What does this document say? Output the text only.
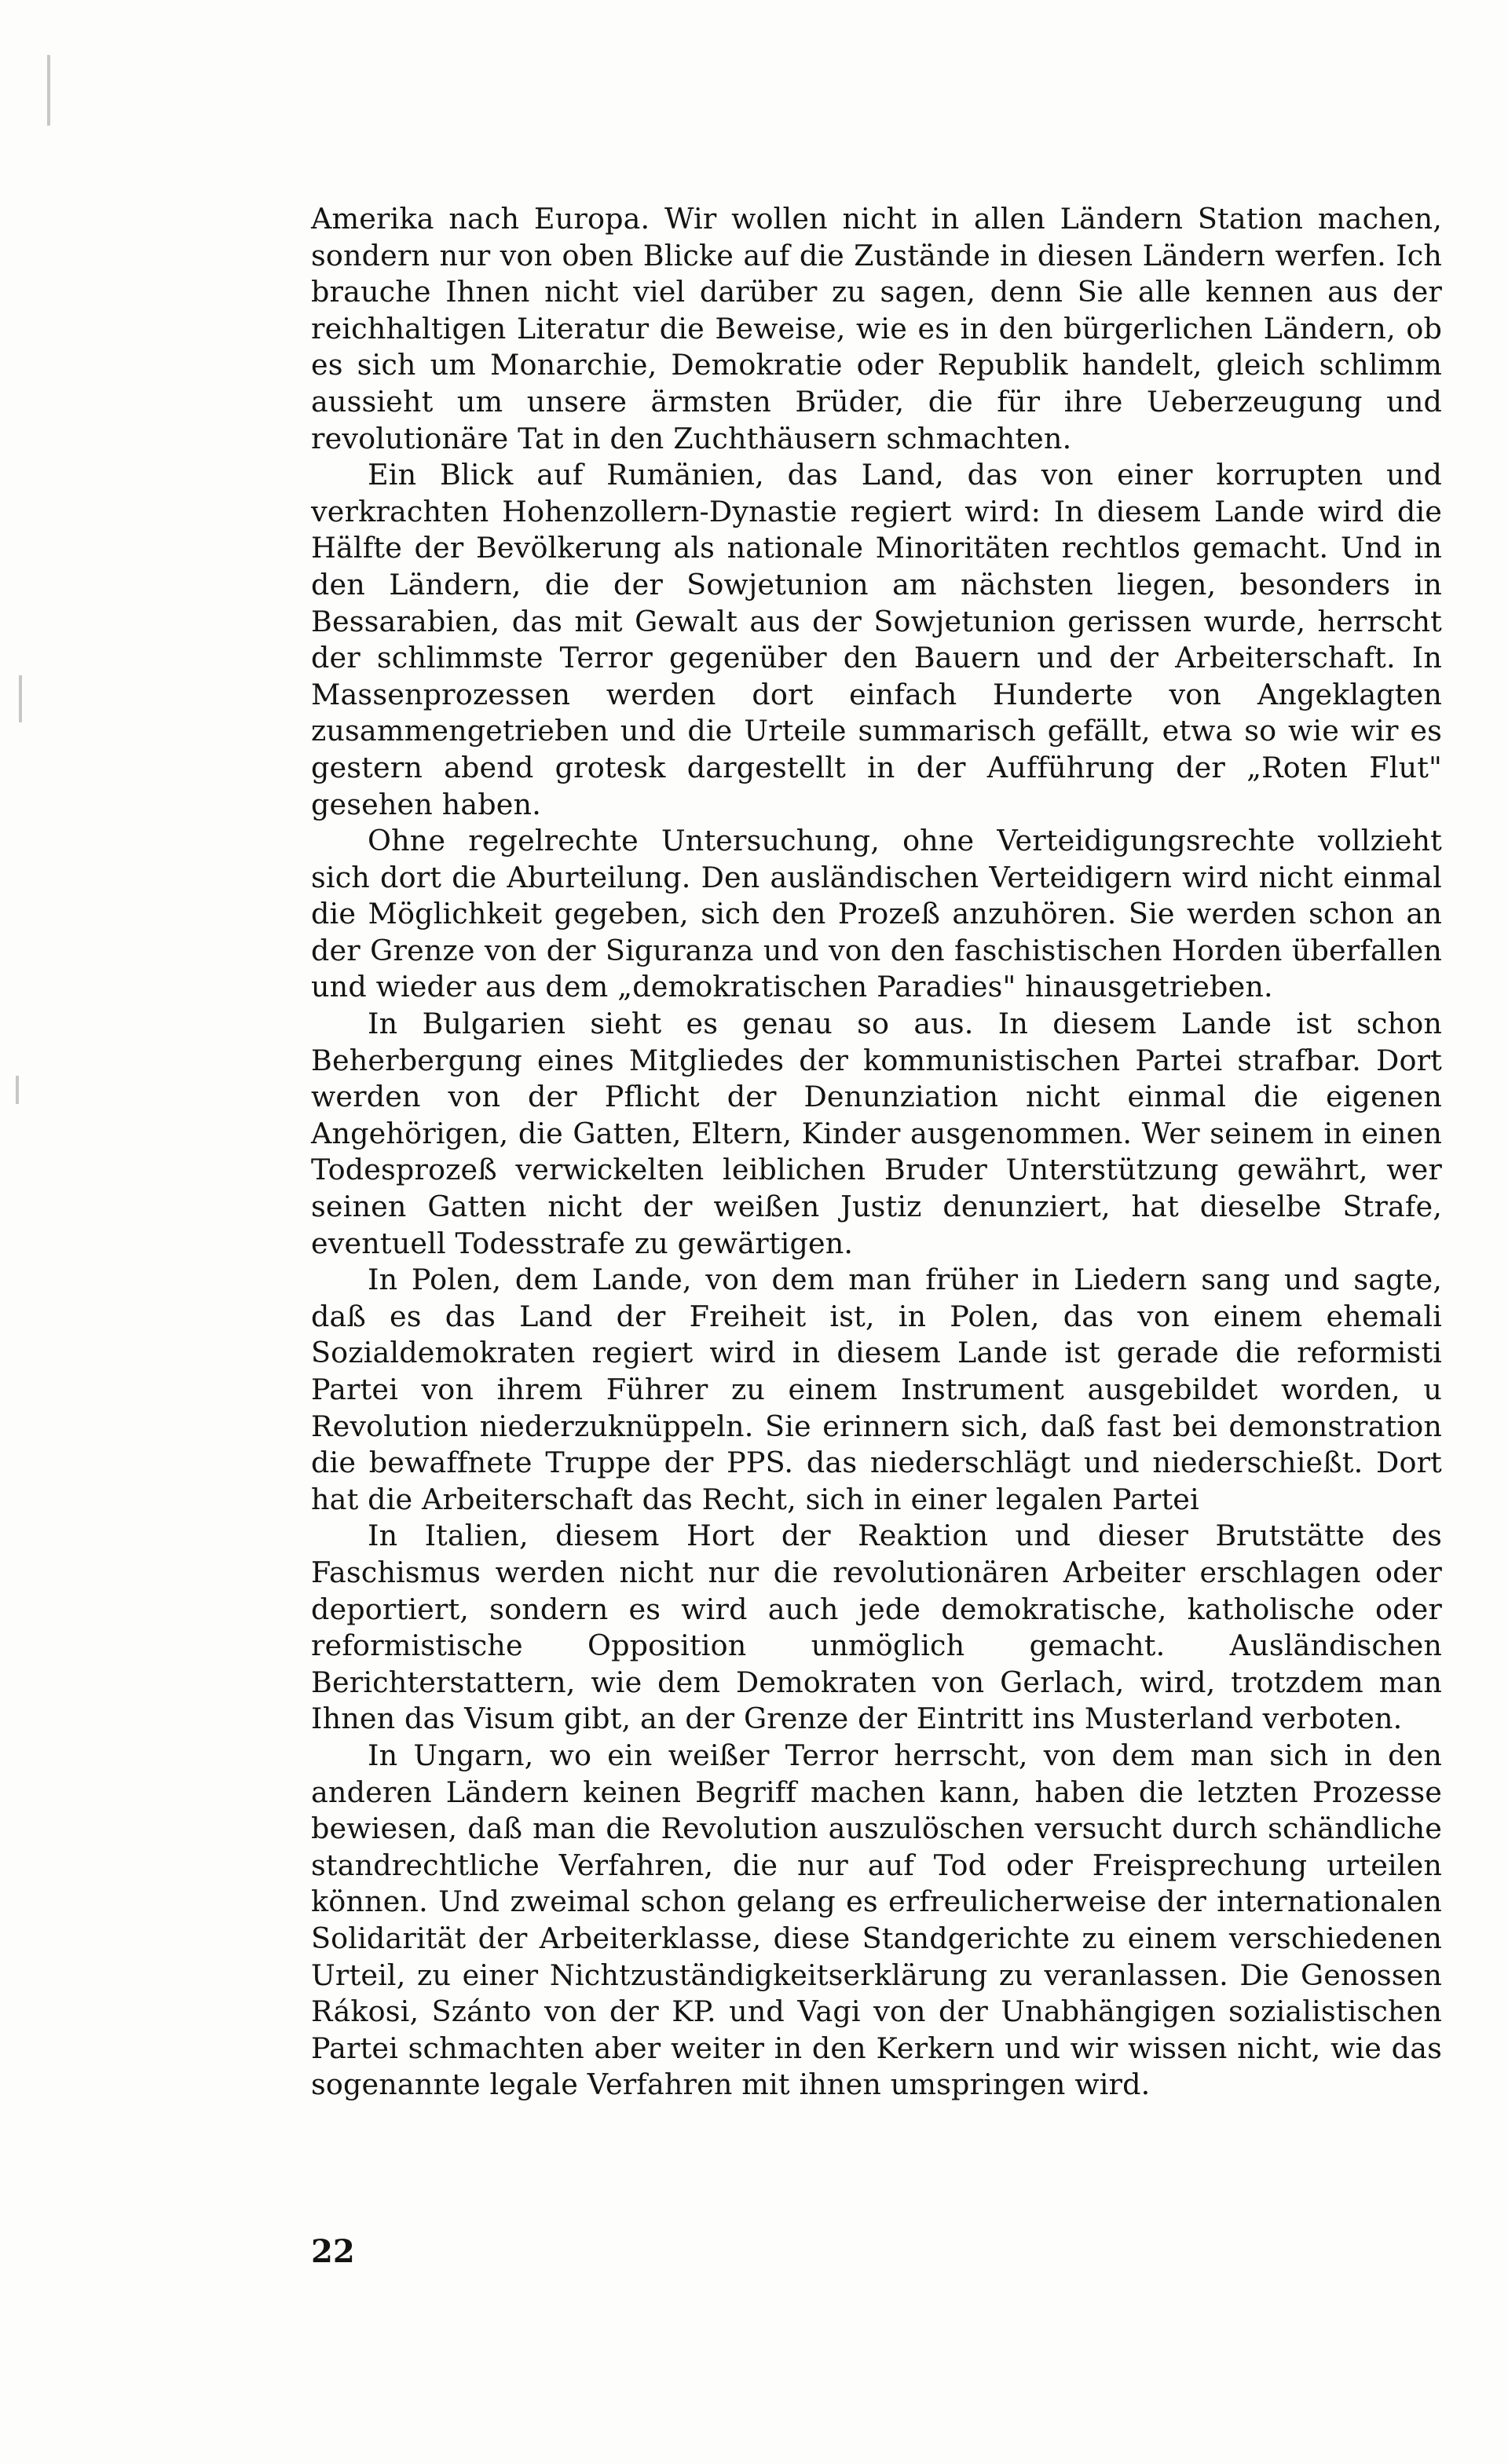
Amerika nach Europa. Wir wollen nicht in allen Ländern Station machen, sondern nur von oben Blicke auf die Zustände in diesen Ländern werfen. Ich brauche Ihnen nicht viel darüber zu sagen, denn Sie alle kennen aus der reichhaltigen Literatur die Beweise, wie es in den bürgerlichen Ländern, ob es sich um Monarchie, Demokratie oder Republik handelt, gleich schlimm aussieht um unsere ärmsten Brüder, die für ihre Ueberzeugung und revolutionäre Tat in den Zuchthäusern schmachten.

Ein Blick auf Rumänien, das Land, das von einer korrupten und verkrachten Hohenzollern-Dynastie regiert wird: In diesem Lande wird die Hälfte der Bevölkerung als nationale Minoritäten rechtlos gemacht. Und in den Ländern, die der Sowjetunion am nächsten liegen, besonders in Bessarabien, das mit Gewalt aus der Sowjetunion gerissen wurde, herrscht der schlimmste Terror gegenüber den Bauern und der Arbeiterschaft. In Massenprozessen werden dort einfach Hunderte von Angeklagten zusammengetrieben und die Urteile summarisch gefällt, etwa so wie wir es gestern abend grotesk dargestellt in der Aufführung der „Roten Flut" gesehen haben.

Ohne regelrechte Untersuchung, ohne Verteidigungsrechte vollzieht sich dort die Aburteilung. Den ausländischen Verteidigern wird nicht einmal die Möglichkeit gegeben, sich den Prozeß anzuhören. Sie werden schon an der Grenze von der Siguranza und von den faschistischen Horden überfallen und wieder aus dem „demokratischen Paradies" hinausgetrieben.

In Bulgarien sieht es genau so aus. In diesem Lande ist schon Beherbergung eines Mitgliedes der kommunistischen Partei strafbar. Dort werden von der Pflicht der Denunziation nicht einmal die eigenen Angehörigen, die Gatten, Eltern, Kinder ausgenommen. Wer seinem in einen Todesprozeß verwickelten leiblichen Bruder Unterstützung gewährt, wer seinen Gatten nicht der weißen Justiz denunziert, hat dieselbe Strafe, eventuell Todesstrafe zu gewärtigen.

In Polen, dem Lande, von dem man früher in Liedern sang und sagte, daß es das Land der Freiheit ist, in Polen, das von einem ehemali Sozialdemokraten regiert wird in diesem Lande ist gerade die reformisti Partei von ihrem Führer zu einem Instrument ausgebildet worden, u Revolution niederzuknüppeln. Sie erinnern sich, daß fast bei demonstration die bewaffnete Truppe der PPS. das niederschlägt und niederschießt. Dort hat die Arbeiterschaft das Recht, sich in einer legalen Partei

In Italien, diesem Hort der Reaktion und dieser Brutstätte des Faschismus werden nicht nur die revolutionären Arbeiter erschlagen oder deportiert, sondern es wird auch jede demokratische, katholische oder reformistische Opposition unmöglich gemacht. Ausländischen Berichterstattern, wie dem Demokraten von Gerlach, wird, trotzdem man Ihnen das Visum gibt, an der Grenze der Eintritt ins Musterland verboten.

In Ungarn, wo ein weißer Terror herrscht, von dem man sich in den anderen Ländern keinen Begriff machen kann, haben die letzten Prozesse bewiesen, daß man die Revolution auszulöschen versucht durch schändliche standrechtliche Verfahren, die nur auf Tod oder Freisprechung urteilen können. Und zweimal schon gelang es erfreulicherweise der internationalen Solidarität der Arbeiterklasse, diese Standgerichte zu einem verschiedenen Urteil, zu einer Nichtzuständigkeitserklärung zu veranlassen. Die Genossen Rákosi, Szánto von der KP. und Vagi von der Unabhängigen sozialistischen Partei schmachten aber weiter in den Kerkern und wir wissen nicht, wie das sogenannte legale Verfahren mit ihnen umspringen wird.

22
